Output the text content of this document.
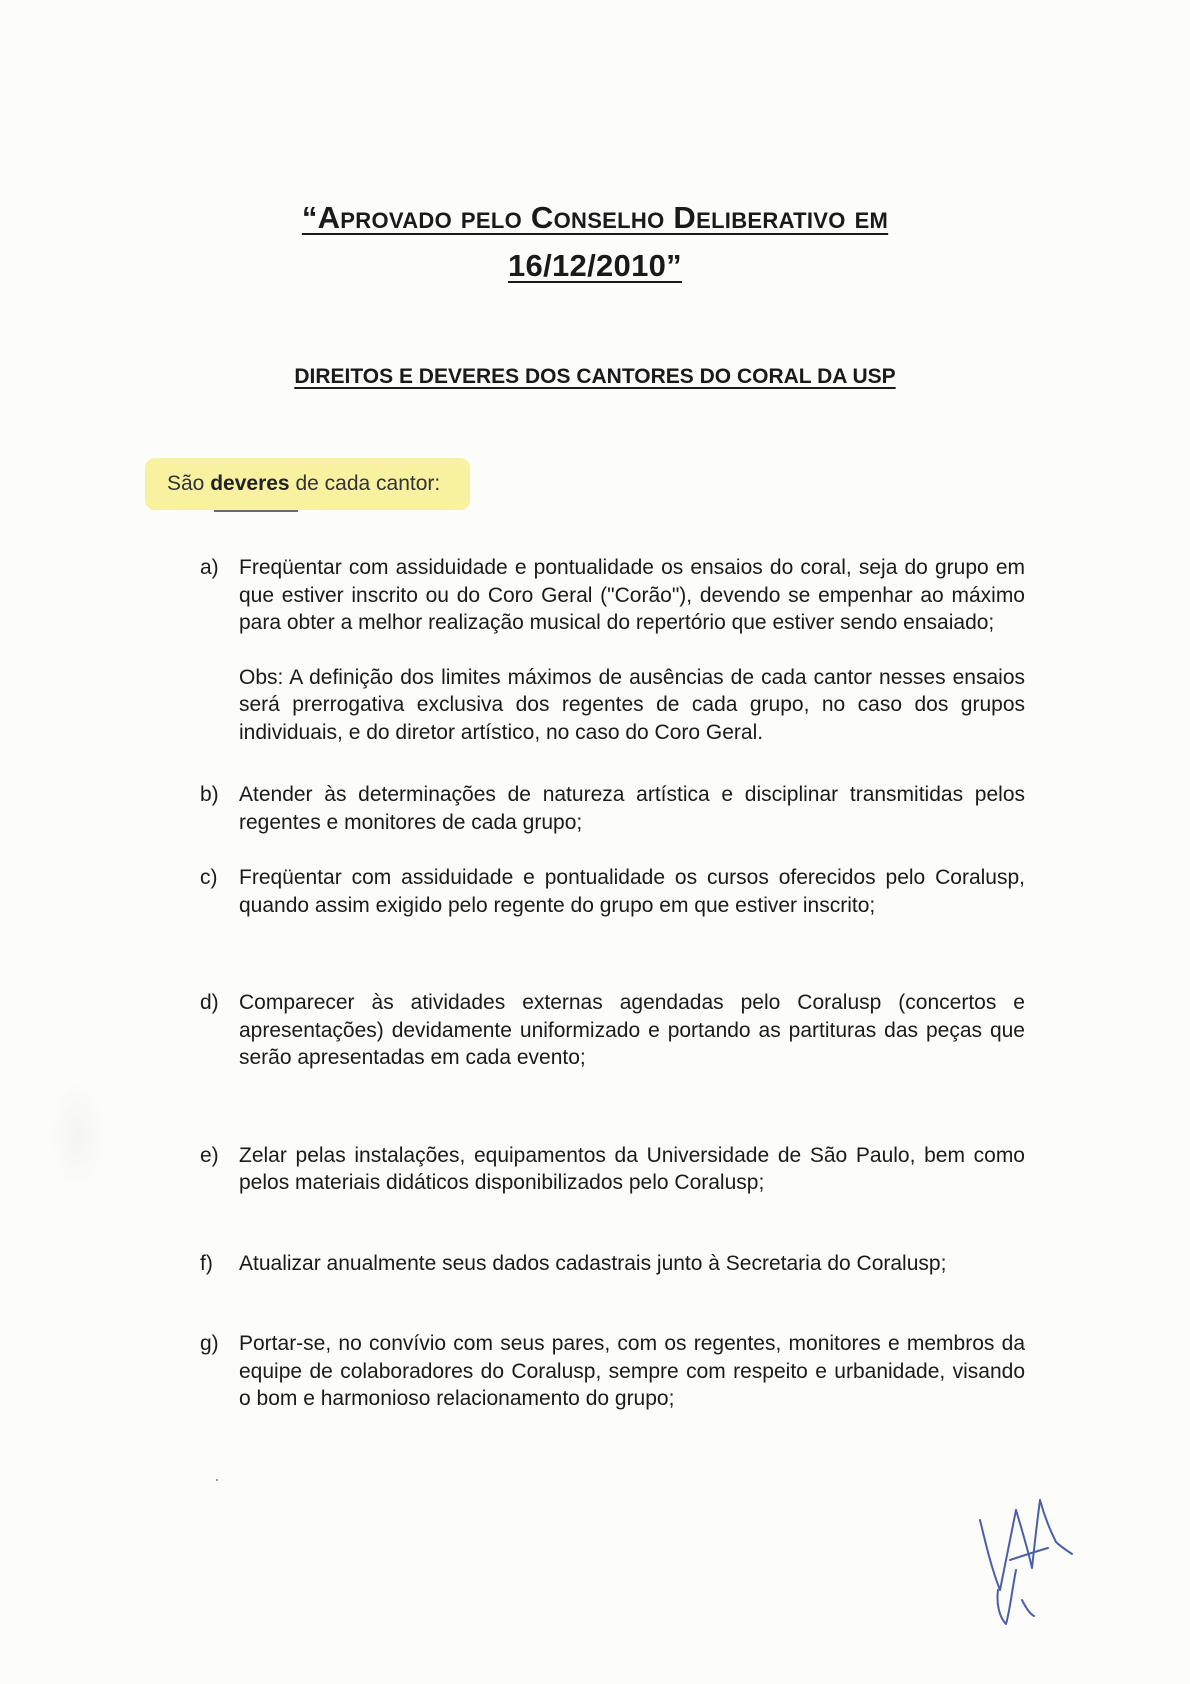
“Aprovado pelo Conselho Deliberativo em
16/12/2010”
DIREITOS E DEVERES DOS CANTORES DO CORAL DA USP
São deveres de cada cantor:
a) Freqüentar com assiduidade e pontualidade os ensaios do coral, seja do grupo em que estiver inscrito ou do Coro Geral ("Corão"), devendo se empenhar ao máximo para obter a melhor realização musical do repertório que estiver sendo ensaiado;
Obs: A definição dos limites máximos de ausências de cada cantor nesses ensaios será prerrogativa exclusiva dos regentes de cada grupo, no caso dos grupos individuais, e do diretor artístico, no caso do Coro Geral.
b) Atender às determinações de natureza artística e disciplinar transmitidas pelos regentes e monitores de cada grupo;
c) Freqüentar com assiduidade e pontualidade os cursos oferecidos pelo Coralusp, quando assim exigido pelo regente do grupo em que estiver inscrito;
d) Comparecer às atividades externas agendadas pelo Coralusp (concertos e apresentações) devidamente uniformizado e portando as partituras das peças que serão apresentadas em cada evento;
e) Zelar pelas instalações, equipamentos da Universidade de São Paulo, bem como pelos materiais didáticos disponibilizados pelo Coralusp;
f) Atualizar anualmente seus dados cadastrais junto à Secretaria do Coralusp;
g) Portar-se, no convívio com seus pares, com os regentes, monitores e membros da equipe de colaboradores do Coralusp, sempre com respeito e urbanidade, visando o bom e harmonioso relacionamento do grupo;
